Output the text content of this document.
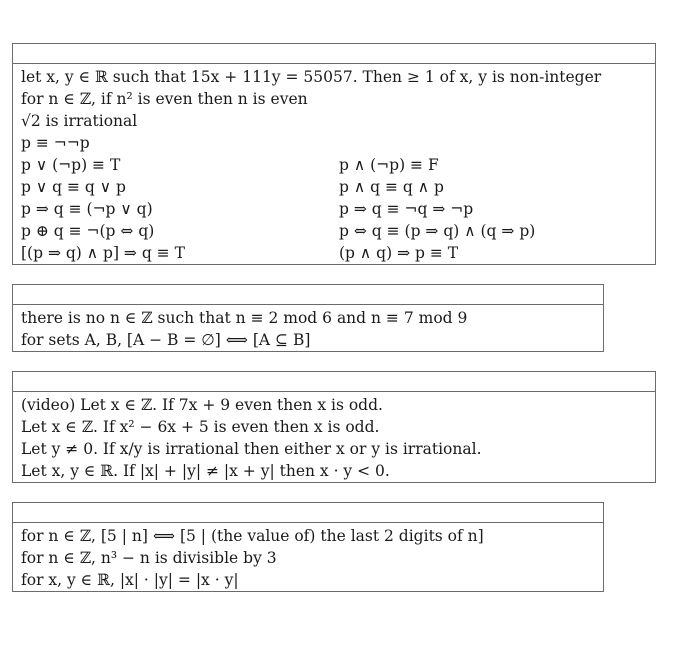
let x, y ∈ ℝ such that 15x + 111y = 55057. Then ≥ 1 of x, y is non-integer
for n ∈ ℤ, if n² is even then n is even
√2 is irrational
p ≡ ¬¬p
p ∨ (¬p) ≡ T	p ∧ (¬p) ≡ F
p ∨ q ≡ q ∨ p	p ∧ q ≡ q ∧ p
p ⇒ q ≡ (¬p ∨ q)	p ⇒ q ≡ ¬q ⇒ ¬p
p ⊕ q ≡ ¬(p ⇔ q)	p ⇔ q ≡ (p ⇒ q) ∧ (q ⇒ p)
[(p ⇒ q) ∧ p] ⇒ q ≡ T	(p ∧ q) ⇒ p ≡ T
there is no n ∈ ℤ such that n ≡ 2 mod 6 and n ≡ 7 mod 9
for sets A, B, [A − B = ∅] ⟺ [A ⊆ B]
(video) Let x ∈ ℤ. If 7x + 9 even then x is odd.
Let x ∈ ℤ. If x² − 6x + 5 is even then x is odd.
Let y ≠ 0. If x/y is irrational then either x or y is irrational.
Let x, y ∈ ℝ. If |x| + |y| ≠ |x + y| then x · y < 0.
for n ∈ ℤ, [5 | n] ⟺ [5 | (the value of) the last 2 digits of n]
for n ∈ ℤ, n³ − n is divisible by 3
for x, y ∈ ℝ, |x| · |y| = |x · y|
